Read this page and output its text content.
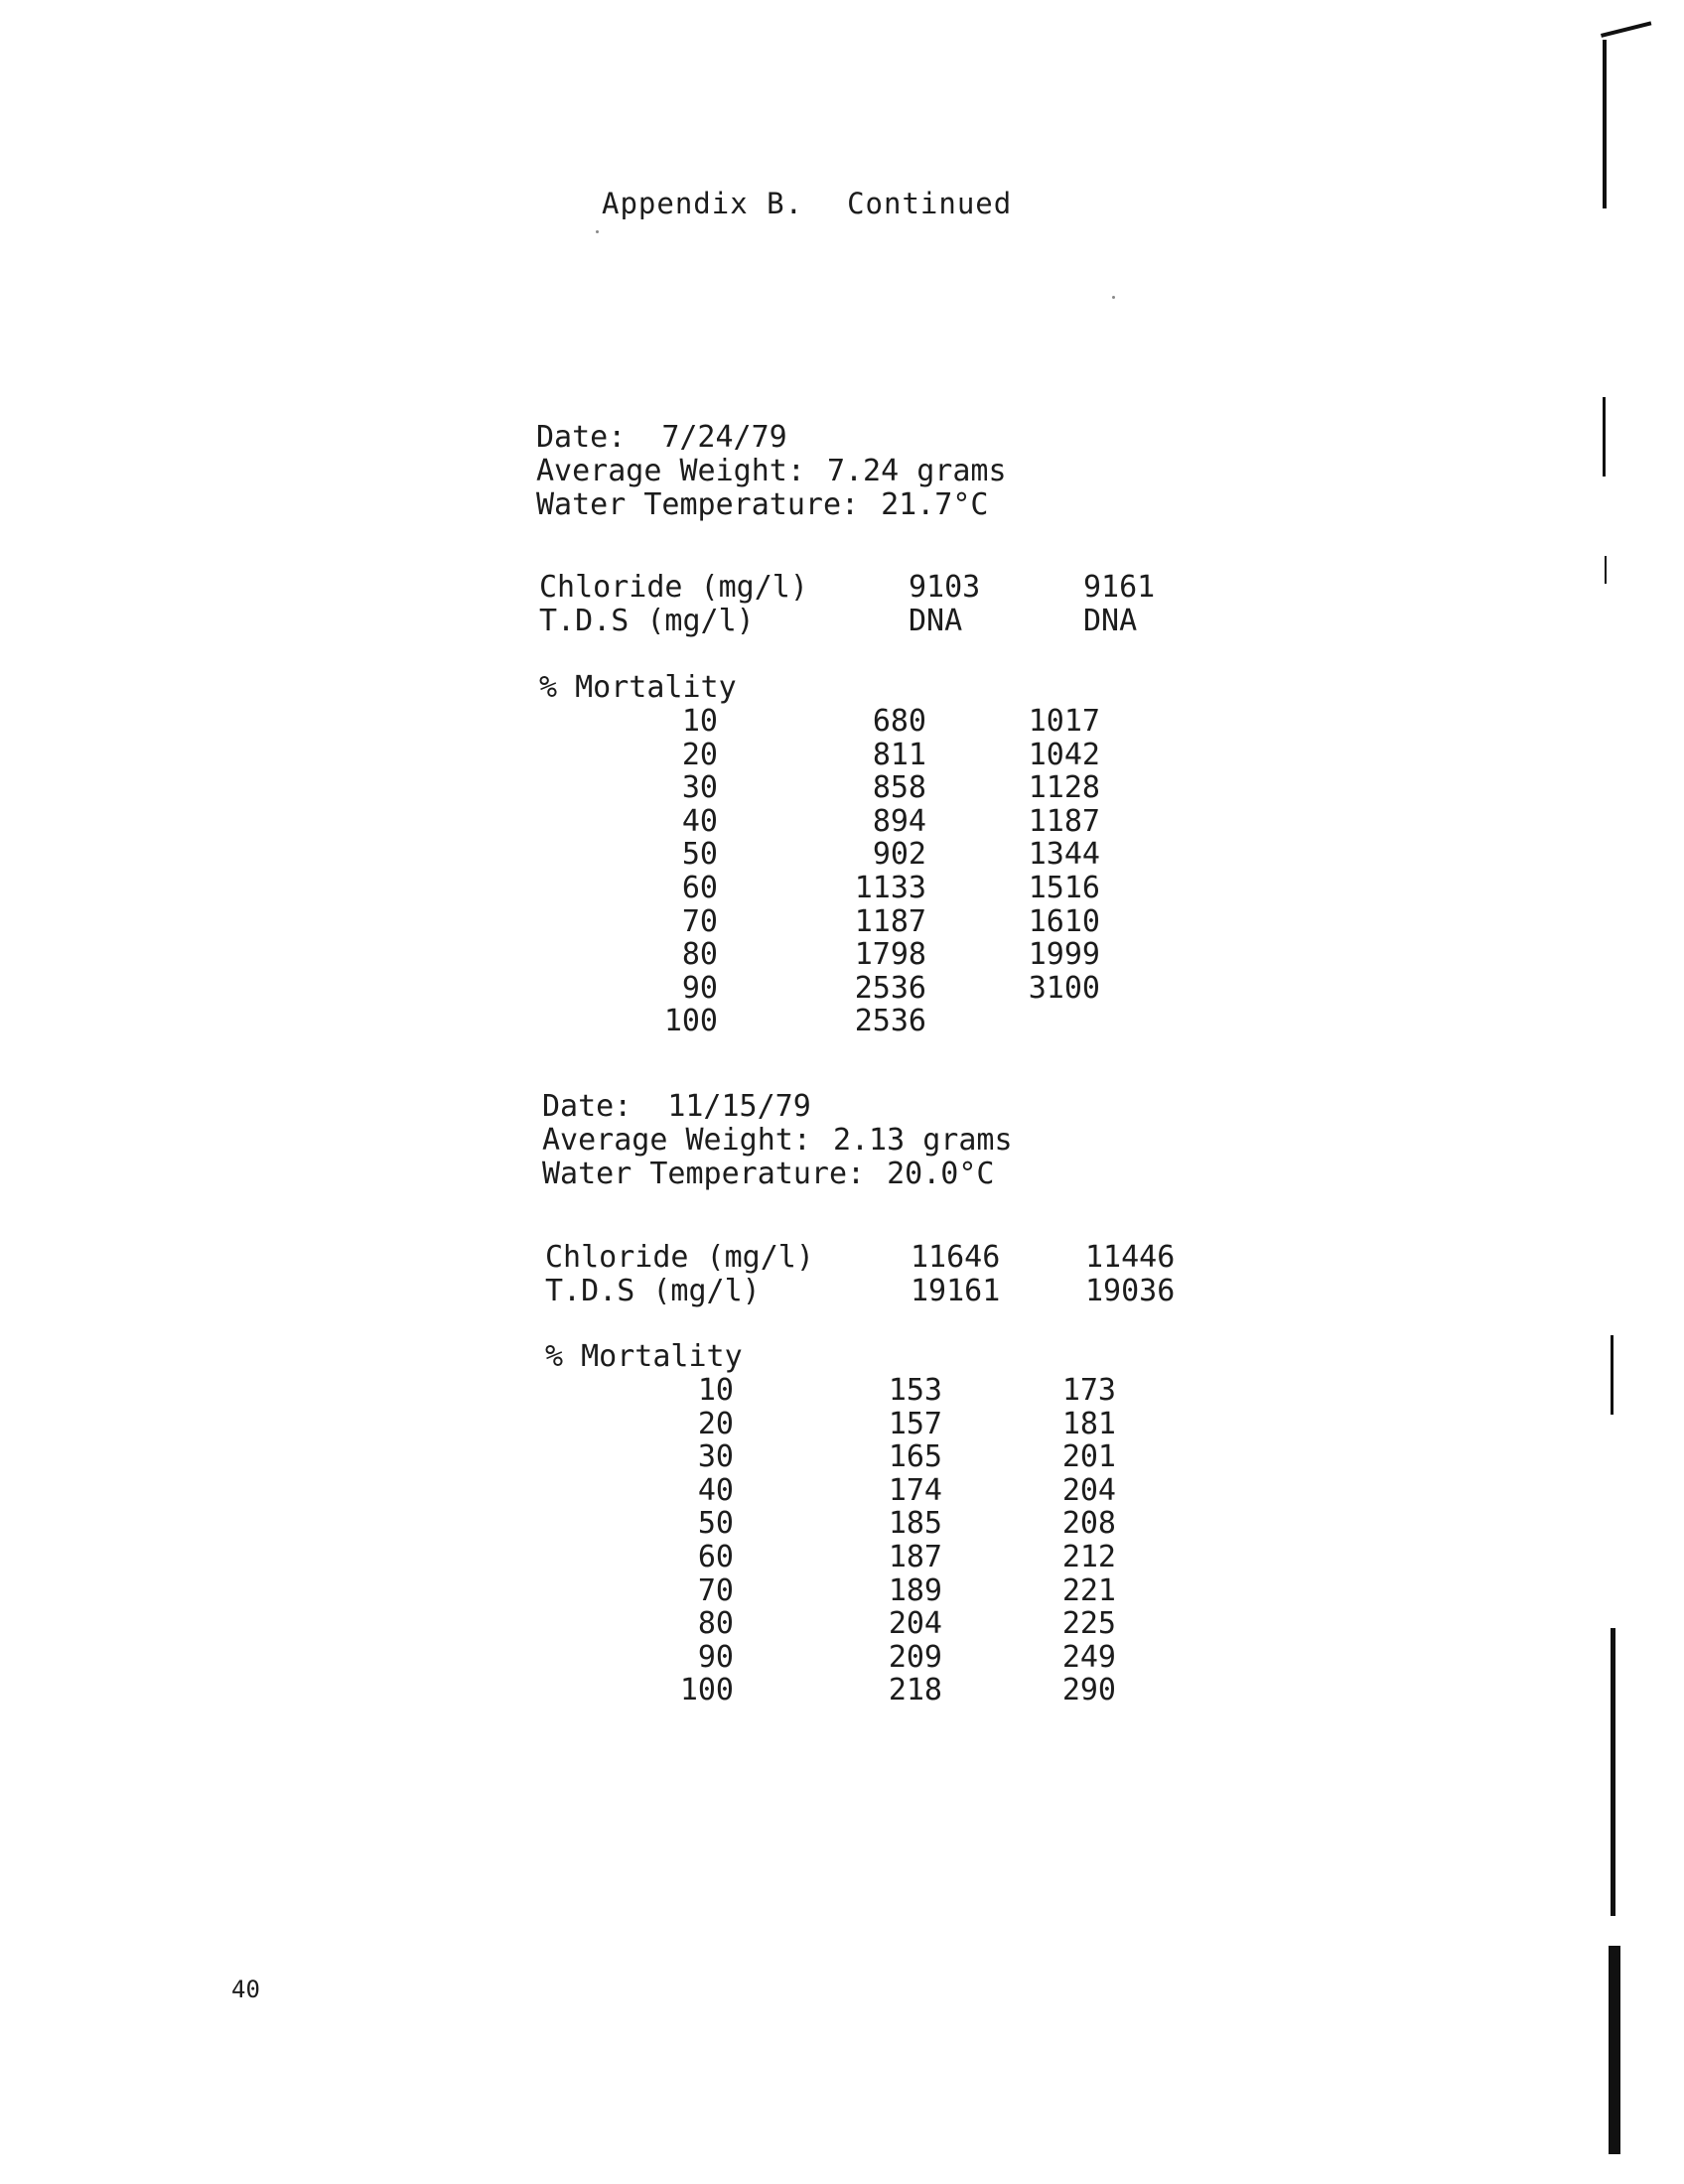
Appendix B. Continued
Date: 7/24/79
Average Weight: 7.24 grams
Water Temperature: 21.7°C
Chloride (mg/l)	9103	9161
T.D.S (mg/l)	DNA	DNA
% Mortality
10	680	1017
20	811	1042
30	858	1128
40	894	1187
50	902	1344
60	1133	1516
70	1187	1610
80	1798	1999
90	2536	3100
100	2536
Date: 11/15/79
Average Weight: 2.13 grams
Water Temperature: 20.0°C
Chloride (mg/l)	11646	11446
T.D.S (mg/l)	19161	19036
% Mortality
10	153	173
20	157	181
30	165	201
40	174	204
50	185	208
60	187	212
70	189	221
80	204	225
90	209	249
100	218	290
40
